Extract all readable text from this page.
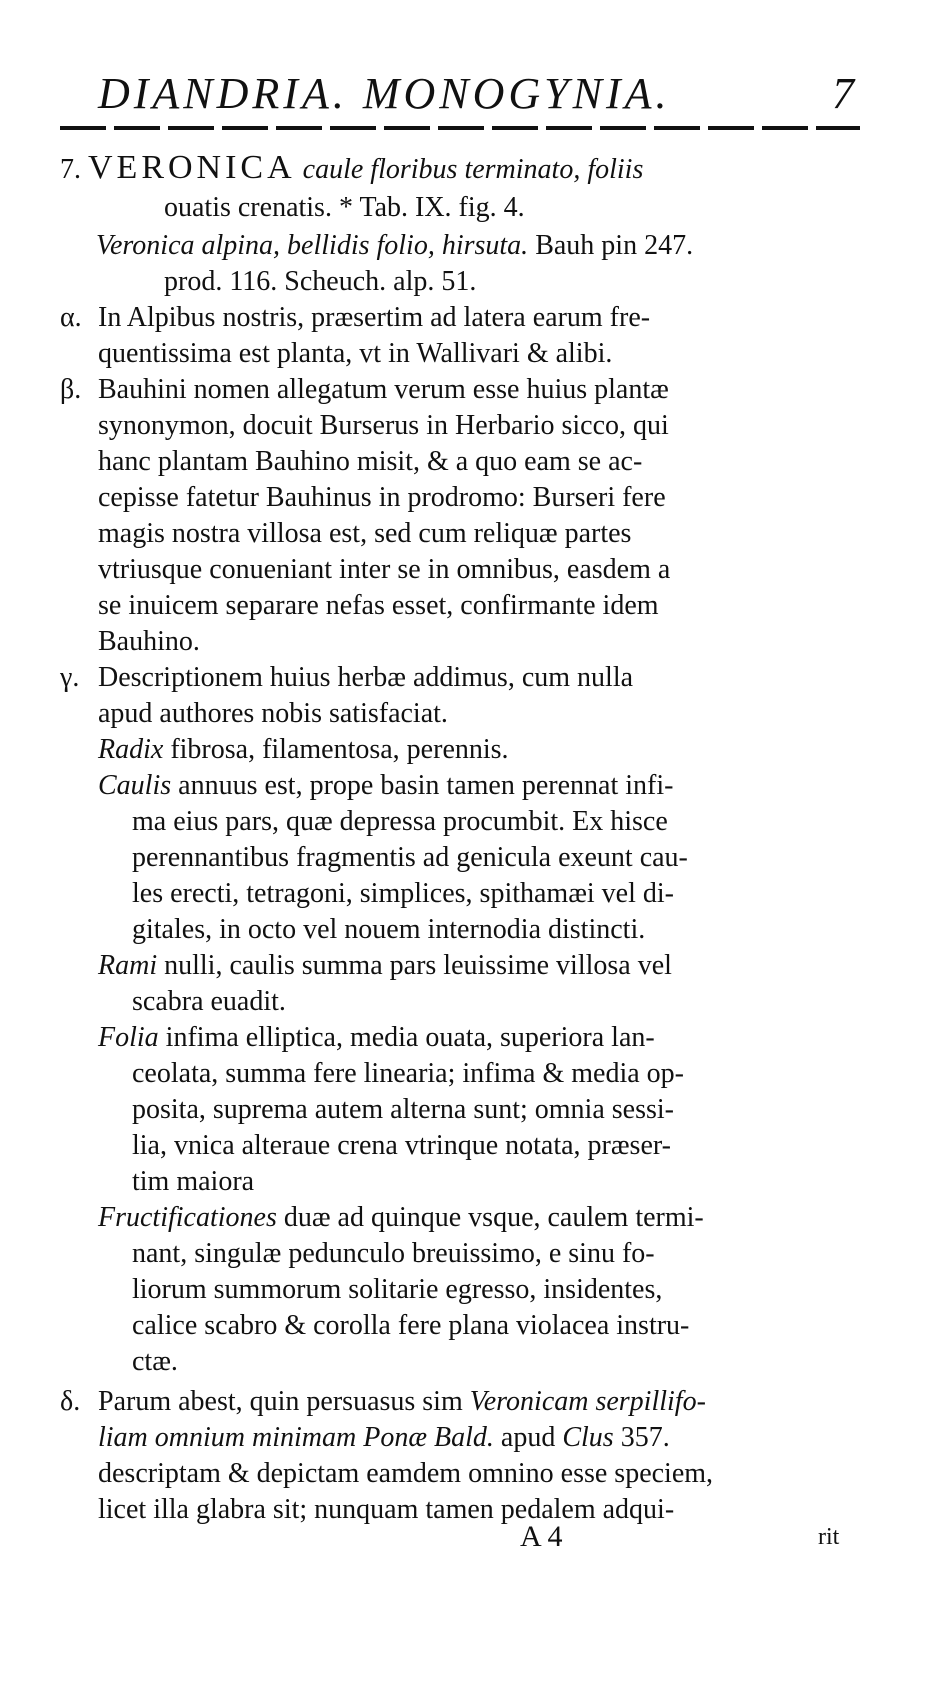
DIANDRIA. MONOGYNIA.	7
7. VERONICA caule floribus terminato, foliis
ouatis crenatis. * Tab. IX. fig. 4.
Veronica alpina, bellidis folio, hirsuta. Bauh pin 247.
prod. 116. Scheuch. alp. 51.
α. In Alpibus nostris, præsertim ad latera earum fre-
quentissima est planta, vt in Wallivari & alibi.
β. Bauhini nomen allegatum verum esse huius plantæ
synonymon, docuit Burserus in Herbario sicco, qui
hanc plantam Bauhino misit, & a quo eam se ac-
cepisse fatetur Bauhinus in prodromo: Burseri fere
magis nostra villosa est, sed cum reliquæ partes
vtriusque conueniant inter se in omnibus, easdem a
se inuicem separare nefas esset, confirmante idem
Bauhino.
γ. Descriptionem huius herbæ addimus, cum nulla
apud authores nobis satisfaciat.
Radix fibrosa, filamentosa, perennis.
Caulis annuus est, prope basin tamen perennat infi-
ma eius pars, quæ depressa procumbit. Ex hisce
perennantibus fragmentis ad genicula exeunt cau-
les erecti, tetragoni, simplices, spithamæi vel di-
gitales, in octo vel nouem internodia distincti.
Rami nulli, caulis summa pars leuissime villosa vel
scabra euadit.
Folia infima elliptica, media ouata, superiora lan-
ceolata, summa fere linearia; infima & media op-
posita, suprema autem alterna sunt; omnia sessi-
lia, vnica alteraue crena vtrinque notata, præser-
tim maiora
Fructificationes duæ ad quinque vsque, caulem termi-
nant, singulæ pedunculo breuissimo, e sinu fo-
liorum summorum solitarie egresso, insidentes,
calice scabro & corolla fere plana violacea instru-
ctæ.
δ. Parum abest, quin persuasus sim Veronicam serpillifo-
liam omnium minimam Ponæ Bald. apud Clus 357.
descriptam & depictam eamdem omnino esse speciem,
licet illa glabra sit; nunquam tamen pedalem adqui-
A 4	rit
